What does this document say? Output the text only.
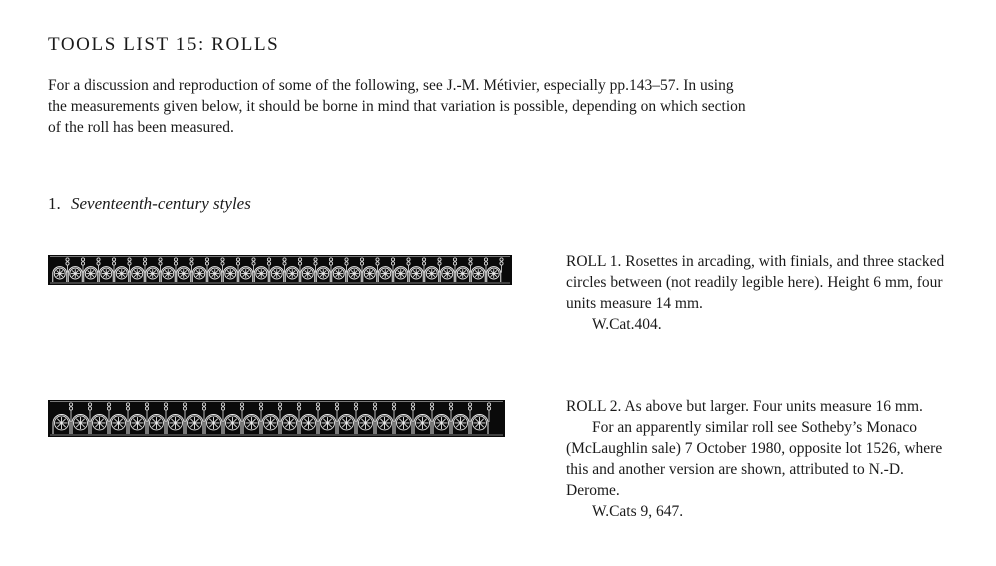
TOOLS LIST 15: ROLLS
For a discussion and reproduction of some of the following, see J.-M. Métivier, especially pp.143–57. In using the measurements given below, it should be borne in mind that variation is possible, depending on which section of the roll has been measured.
1. Seventeenth-century styles

ROLL 1. Rosettes in arcading, with finials, and three stacked circles between (not readily legible here). Height 6 mm, four units measure 14 mm.

W.Cat.404.

ROLL 2. As above but larger. Four units measure 16 mm.

For an apparently similar roll see Sotheby’s Monaco (McLaughlin sale) 7 October 1980, opposite lot 1526, where this and another version are shown, attributed to N.-D. Derome.

W.Cats 9, 647.
